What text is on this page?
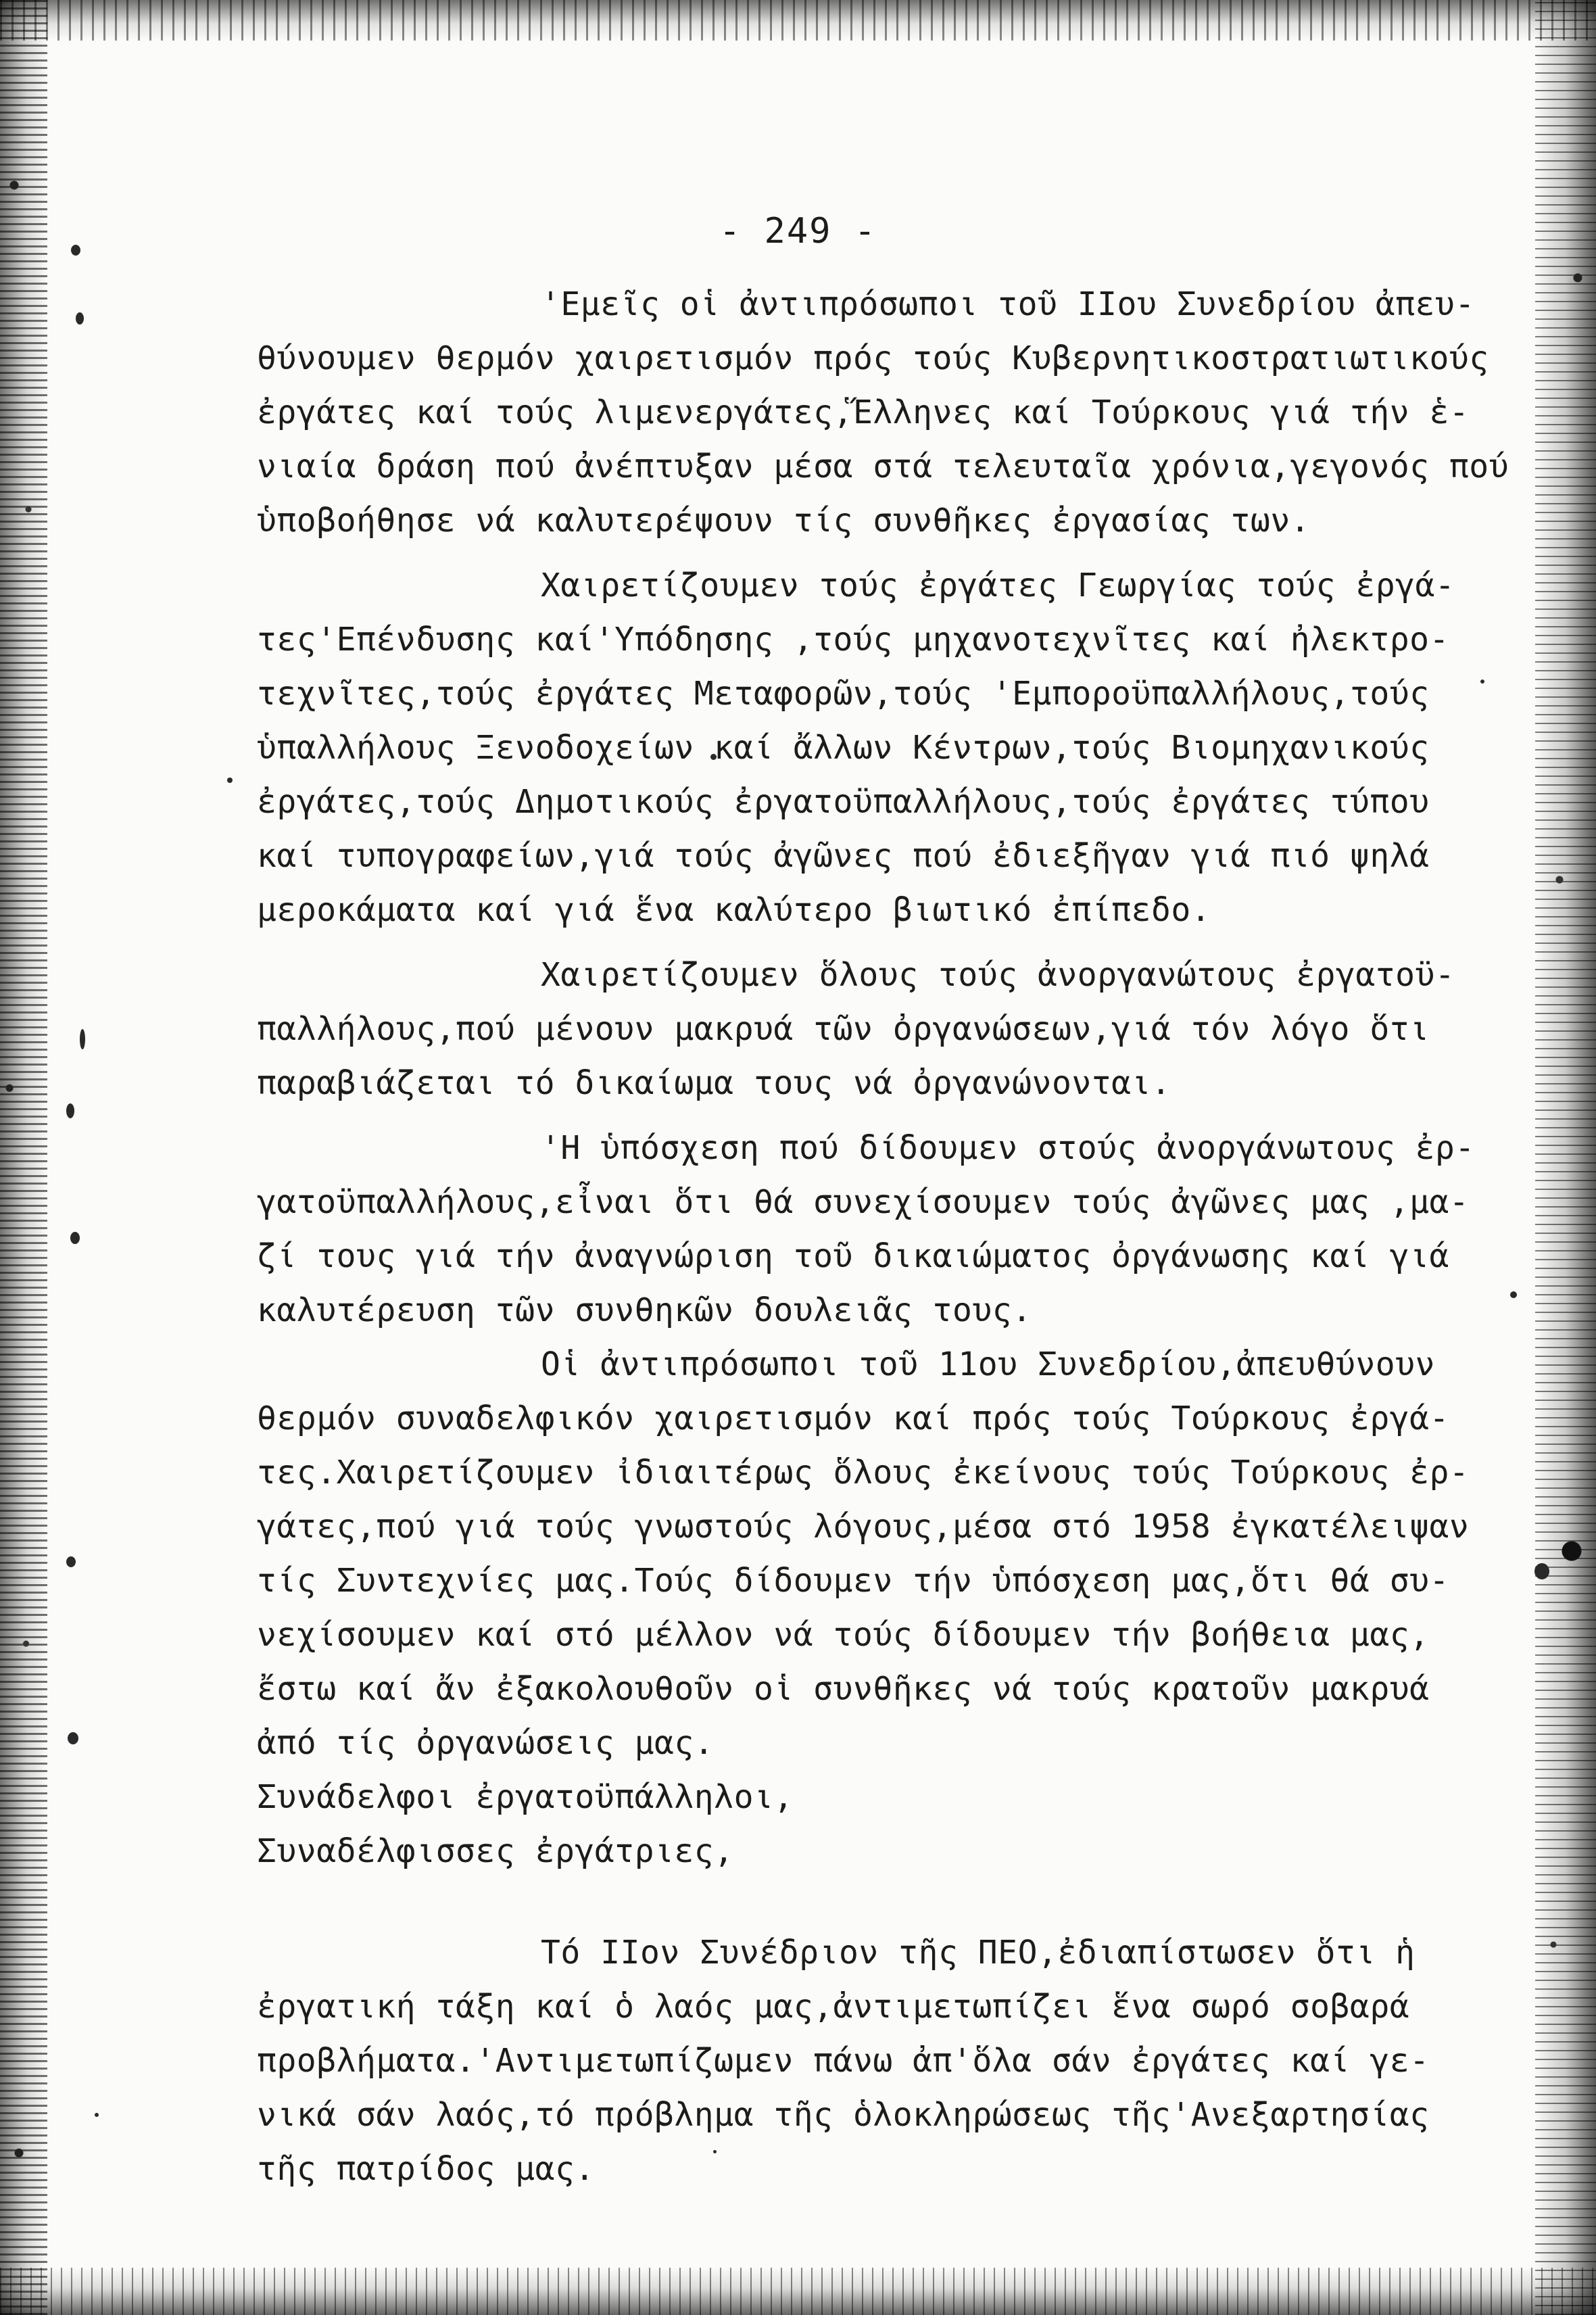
- 249 -
'Εμεῖς οἱ ἀντιπρόσωποι τοῦ ΙΙου Συνεδρίου ἀπευ-
θύνουμεν θερμόν χαιρετισμόν πρός τούς Κυβερνητικοστρατιωτικούς
ἐργάτες καί τούς λιμενεργάτες,Ἕλληνες καί Τούρκους γιά τήν ἑ-
νιαία δράση πού ἀνέπτυξαν μέσα στά τελευταῖα χρόνια,γεγονός πού
ὑποβοήθησε νά καλυτερέψουν τίς συνθῆκες ἐργασίας των.
Χαιρετίζουμεν τούς ἐργάτες Γεωργίας τούς ἐργά-
τες'Επένδυσης καί'Υπόδησης ,τούς μηχανοτεχνῖτες καί ἠλεκτρο-
τεχνῖτες,τούς ἐργάτες Μεταφορῶν,τούς 'Εμποροϋπαλλήλους,τούς
ὑπαλλήλους Ξενοδοχείων καί ἄλλων Κέντρων,τούς Βιομηχανικούς
ἐργάτες,τούς Δημοτικούς ἐργατοϋπαλλήλους,τούς ἐργάτες τύπου
καί τυπογραφείων,γιά τούς ἀγῶνες πού ἐδιεξῆγαν γιά πιό ψηλά
μεροκάματα καί γιά ἕνα καλύτερο βιωτικό ἐπίπεδο.
Χαιρετίζουμεν ὅλους τούς ἀνοργανώτους ἐργατοϋ-
παλλήλους,πού μένουν μακρυά τῶν ὀργανώσεων,γιά τόν λόγο ὅτι
παραβιάζεται τό δικαίωμα τους νά ὀργανώνονται.
'Η ὑπόσχεση πού δίδουμεν στούς ἀνοργάνωτους ἐρ-
γατοϋπαλλήλους,εἶναι ὅτι θά συνεχίσουμεν τούς ἀγῶνες μας ,μα-
ζί τους γιά τήν ἀναγνώριση τοῦ δικαιώματος ὀργάνωσης καί γιά
καλυτέρευση τῶν συνθηκῶν δουλειᾶς τους.
Οἱ ἀντιπρόσωποι τοῦ 11ου Συνεδρίου,ἀπευθύνουν
θερμόν συναδελφικόν χαιρετισμόν καί πρός τούς Τούρκους ἐργά-
τες.Χαιρετίζουμεν ἰδιαιτέρως ὅλους ἐκείνους τούς Τούρκους ἐρ-
γάτες,πού γιά τούς γνωστούς λόγους,μέσα στό 1958 ἐγκατέλειψαν
τίς Συντεχνίες μας.Τούς δίδουμεν τήν ὑπόσχεση μας,ὅτι θά συ-
νεχίσουμεν καί στό μέλλον νά τούς δίδουμεν τήν βοήθεια μας,
ἔστω καί ἄν ἐξακολουθοῦν οἱ συνθῆκες νά τούς κρατοῦν μακρυά
ἀπό τίς ὀργανώσεις μας.
Συνάδελφοι ἐργατοϋπάλληλοι,
Συναδέλφισσες ἐργάτριες,
Τό ΙΙον Συνέδριον τῆς ΠΕΟ,ἐδιαπίστωσεν ὅτι ἡ
ἐργατική τάξη καί ὁ λαός μας,ἀντιμετωπίζει ἕνα σωρό σοβαρά
προβλήματα.'Αντιμετωπίζωμεν πάνω ἀπ'ὅλα σάν ἐργάτες καί γε-
νικά σάν λαός,τό πρόβλημα τῆς ὁλοκληρώσεως τῆς'Ανεξαρτησίας
τῆς πατρίδος μας.
